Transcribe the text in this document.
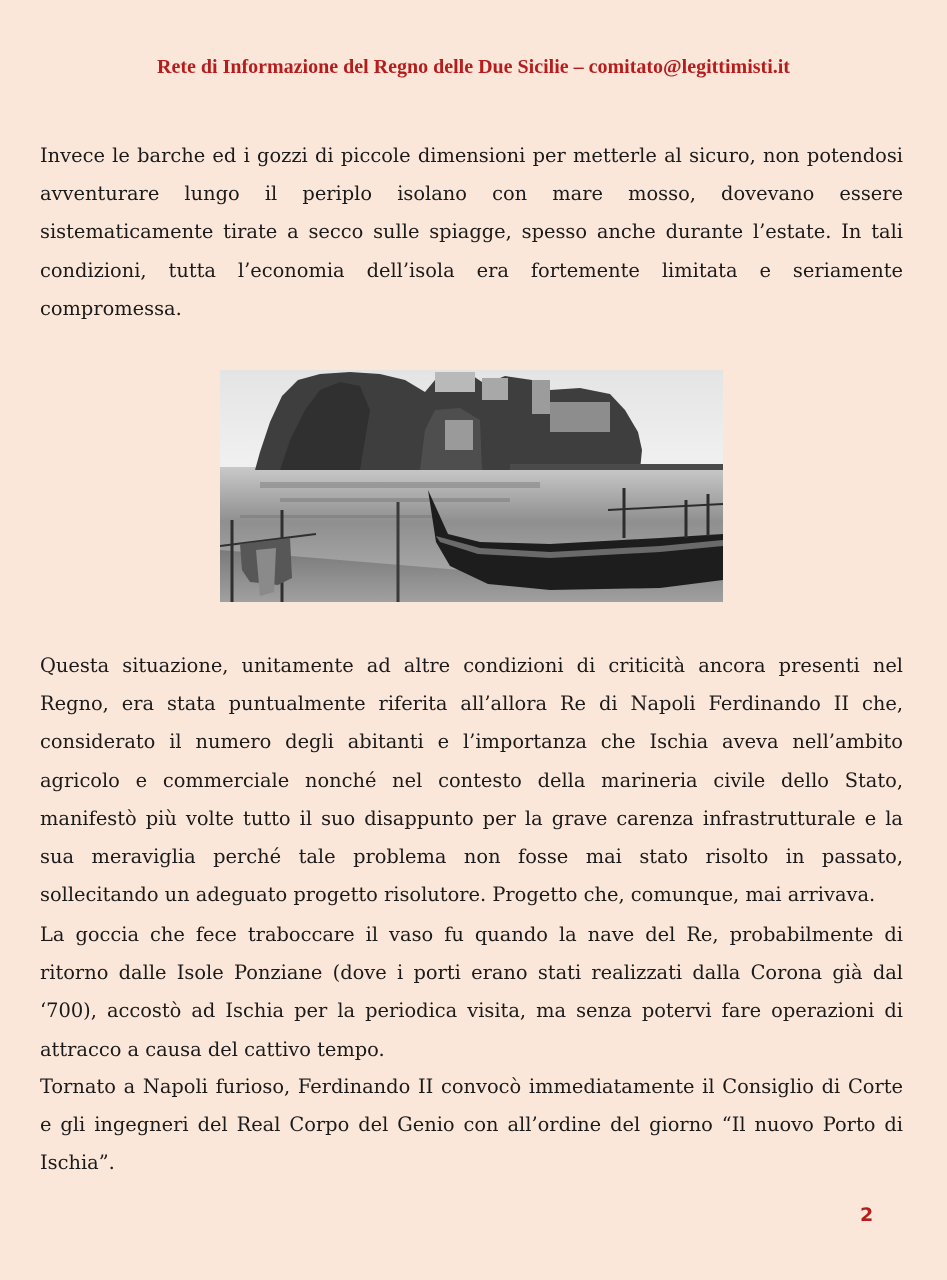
Rete di Informazione del Regno delle Due Sicilie – comitato@legittimisti.it

Invece le barche ed i gozzi di piccole dimensioni per metterle al sicuro, non potendosi avventurare lungo il periplo isolano con mare mosso, dovevano essere sistematicamente tirate a secco sulle spiagge, spesso anche durante l’estate. In tali condizioni, tutta l’economia dell’isola era fortemente limitata e seriamente compromessa.

Questa situazione, unitamente ad altre condizioni di criticità ancora presenti nel Regno, era stata puntualmente riferita all’allora Re di Napoli Ferdinando II che, considerato il numero degli abitanti e l’importanza che Ischia aveva nell’ambito agricolo e commerciale nonché nel contesto della marineria civile dello Stato, manifestò più volte tutto il suo disappunto per la grave carenza infrastrutturale e la sua meraviglia perché tale problema non fosse mai stato risolto in passato, sollecitando un adeguato progetto risolutore. Progetto che, comunque, mai arrivava.

La goccia che fece traboccare il vaso fu quando la nave del Re, probabilmente di ritorno dalle Isole Ponziane (dove i porti erano stati realizzati dalla Corona già dal ‘700), accostò ad Ischia per la periodica visita, ma senza potervi fare operazioni di attracco a causa del cattivo tempo.

Tornato a Napoli furioso, Ferdinando II convocò immediatamente il Consiglio di Corte e gli ingegneri del Real Corpo del Genio con all’ordine del giorno “Il nuovo Porto di Ischia”.

2
